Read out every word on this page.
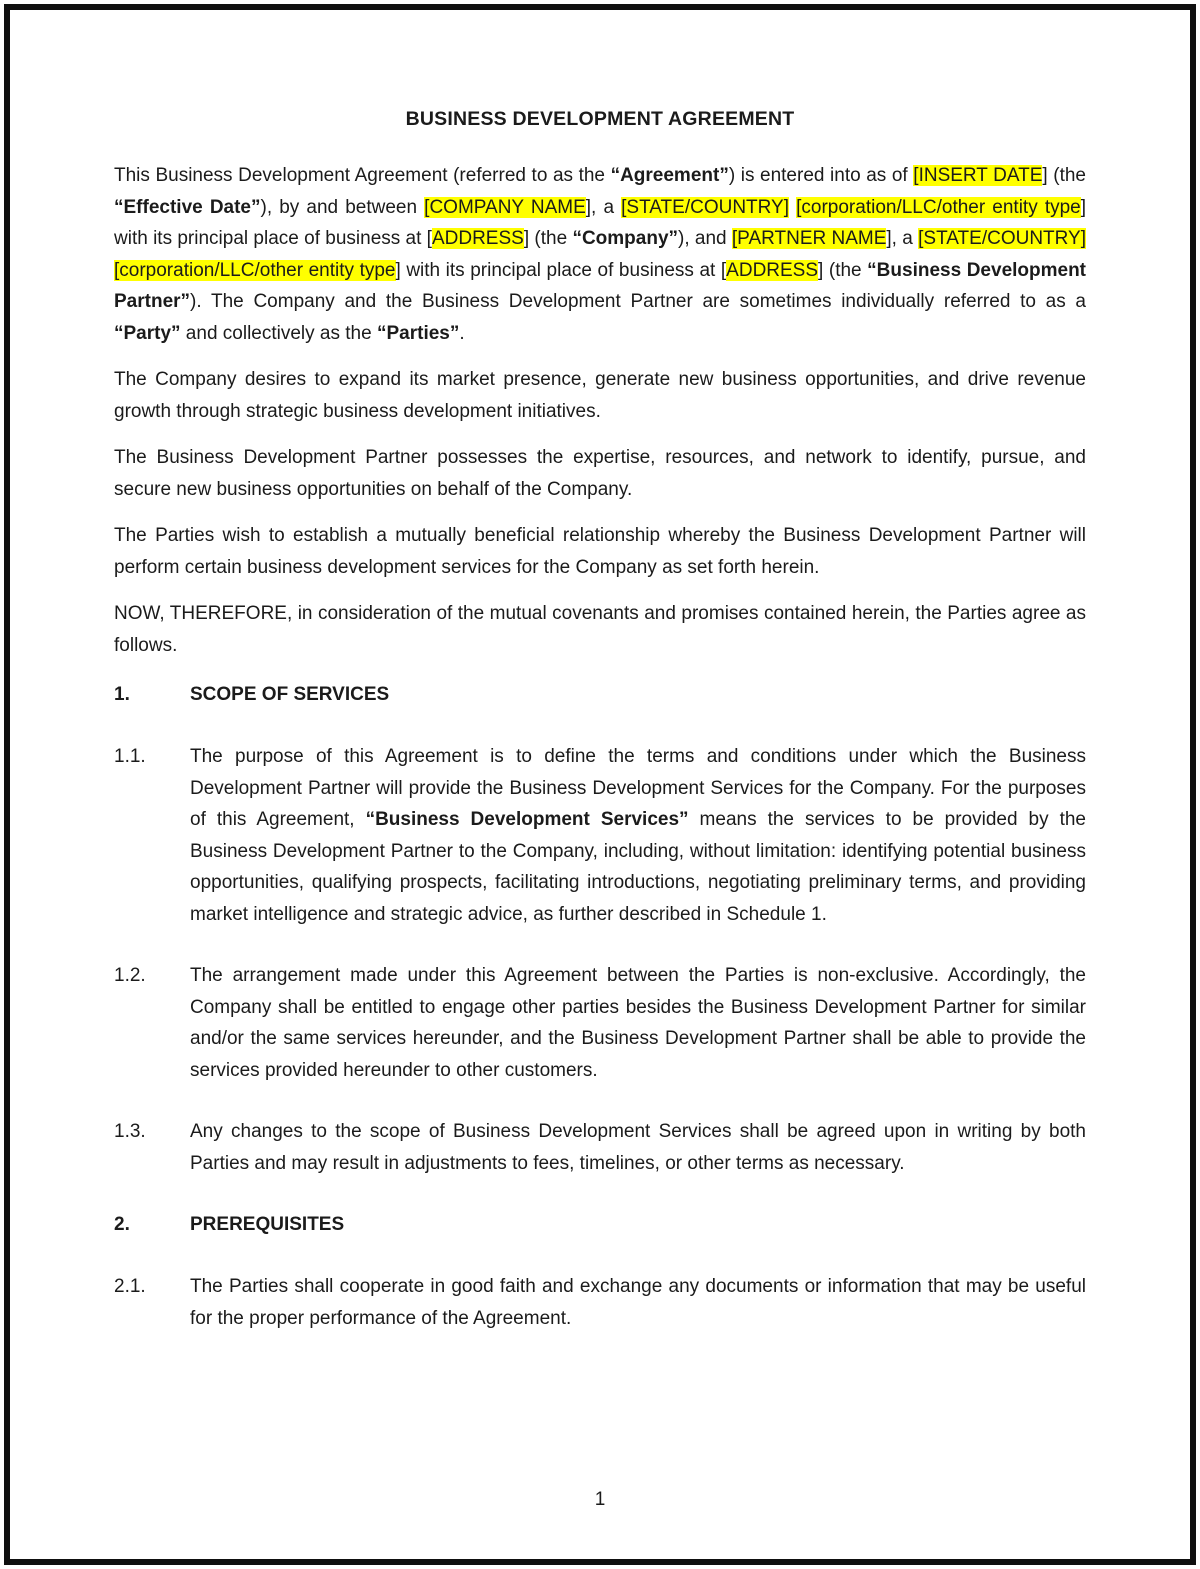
BUSINESS DEVELOPMENT AGREEMENT
This Business Development Agreement (referred to as the “Agreement”) is entered into as of [INSERT DATE] (the “Effective Date”), by and between [COMPANY NAME], a [STATE/COUNTRY] [corporation/LLC/other entity type] with its principal place of business at [ADDRESS] (the “Company”), and [PARTNER NAME], a [STATE/COUNTRY] [corporation/LLC/other entity type] with its principal place of business at [ADDRESS] (the “Business Development Partner”). The Company and the Business Development Partner are sometimes individually referred to as a “Party” and collectively as the “Parties”.
The Company desires to expand its market presence, generate new business opportunities, and drive revenue growth through strategic business development initiatives.
The Business Development Partner possesses the expertise, resources, and network to identify, pursue, and secure new business opportunities on behalf of the Company.
The Parties wish to establish a mutually beneficial relationship whereby the Business Development Partner will perform certain business development services for the Company as set forth herein.
NOW, THEREFORE, in consideration of the mutual covenants and promises contained herein, the Parties agree as follows.
1.	SCOPE OF SERVICES
1.1. The purpose of this Agreement is to define the terms and conditions under which the Business Development Partner will provide the Business Development Services for the Company. For the purposes of this Agreement, “Business Development Services” means the services to be provided by the Business Development Partner to the Company, including, without limitation: identifying potential business opportunities, qualifying prospects, facilitating introductions, negotiating preliminary terms, and providing market intelligence and strategic advice, as further described in Schedule 1.
1.2. The arrangement made under this Agreement between the Parties is non-exclusive. Accordingly, the Company shall be entitled to engage other parties besides the Business Development Partner for similar and/or the same services hereunder, and the Business Development Partner shall be able to provide the services provided hereunder to other customers.
1.3. Any changes to the scope of Business Development Services shall be agreed upon in writing by both Parties and may result in adjustments to fees, timelines, or other terms as necessary.
2.	PREREQUISITES
2.1. The Parties shall cooperate in good faith and exchange any documents or information that may be useful for the proper performance of the Agreement.
1
